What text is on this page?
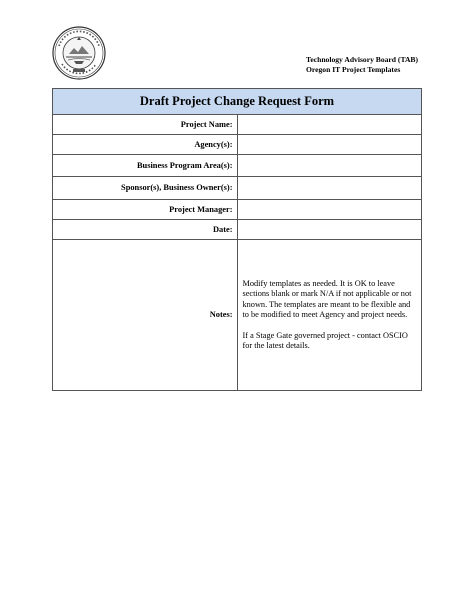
Technology Advisory Board (TAB)
Oregon IT Project Templates
Draft Project Change Request Form	
Project Name:	
Agency(s):	
Business Program Area(s):	
Sponsor(s), Business Owner(s):	
Project Manager:	
Date:	
Notes:	Modify templates as needed. It is OK to leave sections blank or mark N/A if not applicable or not known. The templates are meant to be flexible and to be modified to meet Agency and project needs.

If a Stage Gate governed project - contact OSCIO for the latest details.
